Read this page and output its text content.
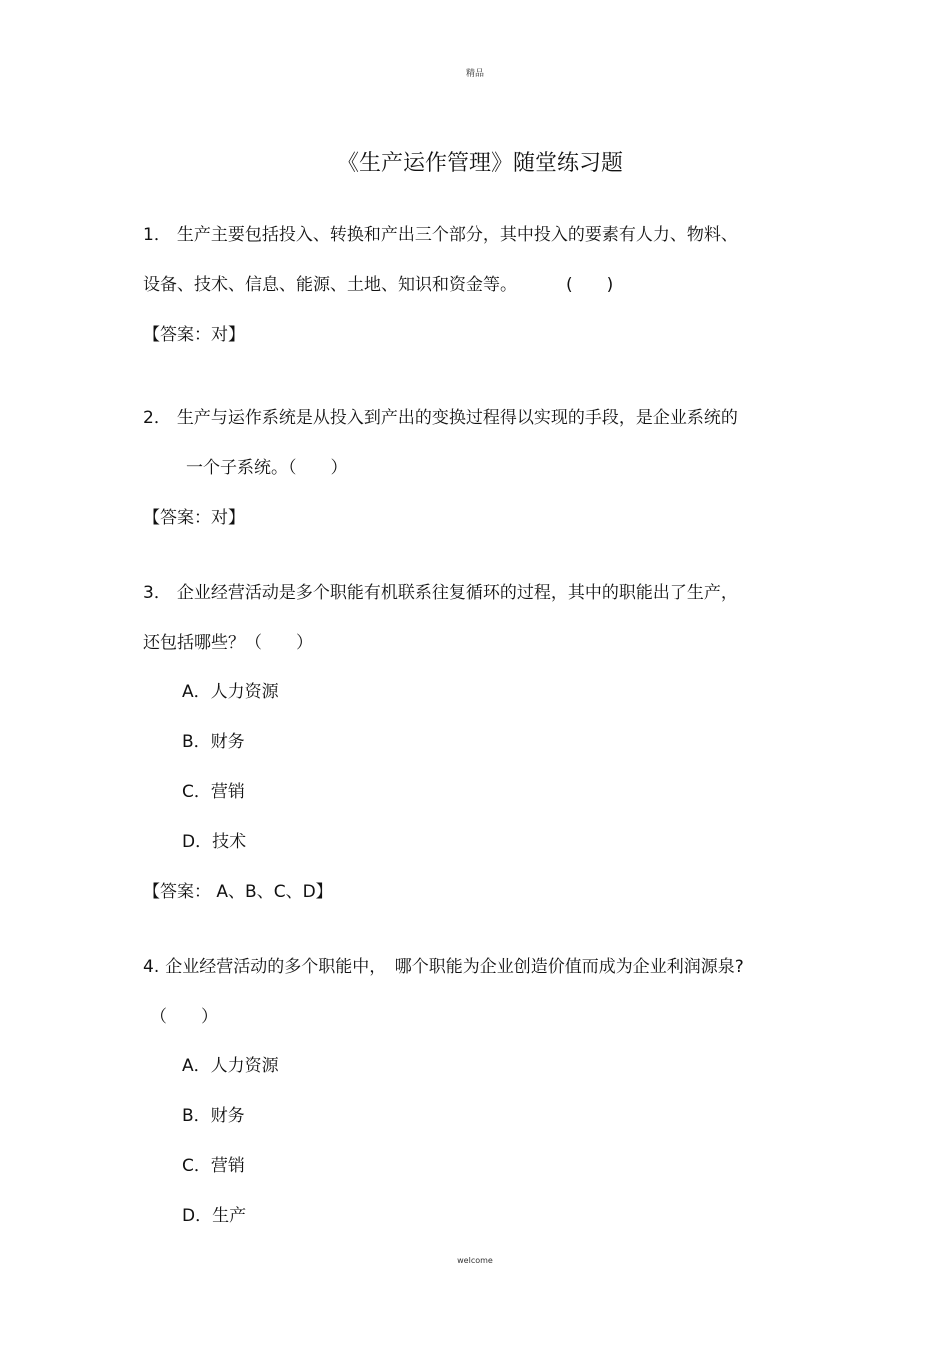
精品
《生产运作管理》随堂练习题
1． 生产主要包括投入、转换和产出三个部分，其中投入的要素有人力、物料、
设备、技术、信息、能源、土地、知识和资金等。	(　　)
【答案：对】
2． 生产与运作系统是从投入到产出的变换过程得以实现的手段，是企业系统的
一个子系统。（　　）
【答案：对】
3． 企业经营活动是多个职能有机联系往复循环的过程，其中的职能出了生产，
还包括哪些？（　　）
A．人力资源
B．财务
C．营销
D．技术
【答案： A、B、C、D】
4. 企业经营活动的多个职能中，　哪个职能为企业创造价值而成为企业利润源泉?
（　　）
A．人力资源
B．财务
C．营销
D．生产
welcome
